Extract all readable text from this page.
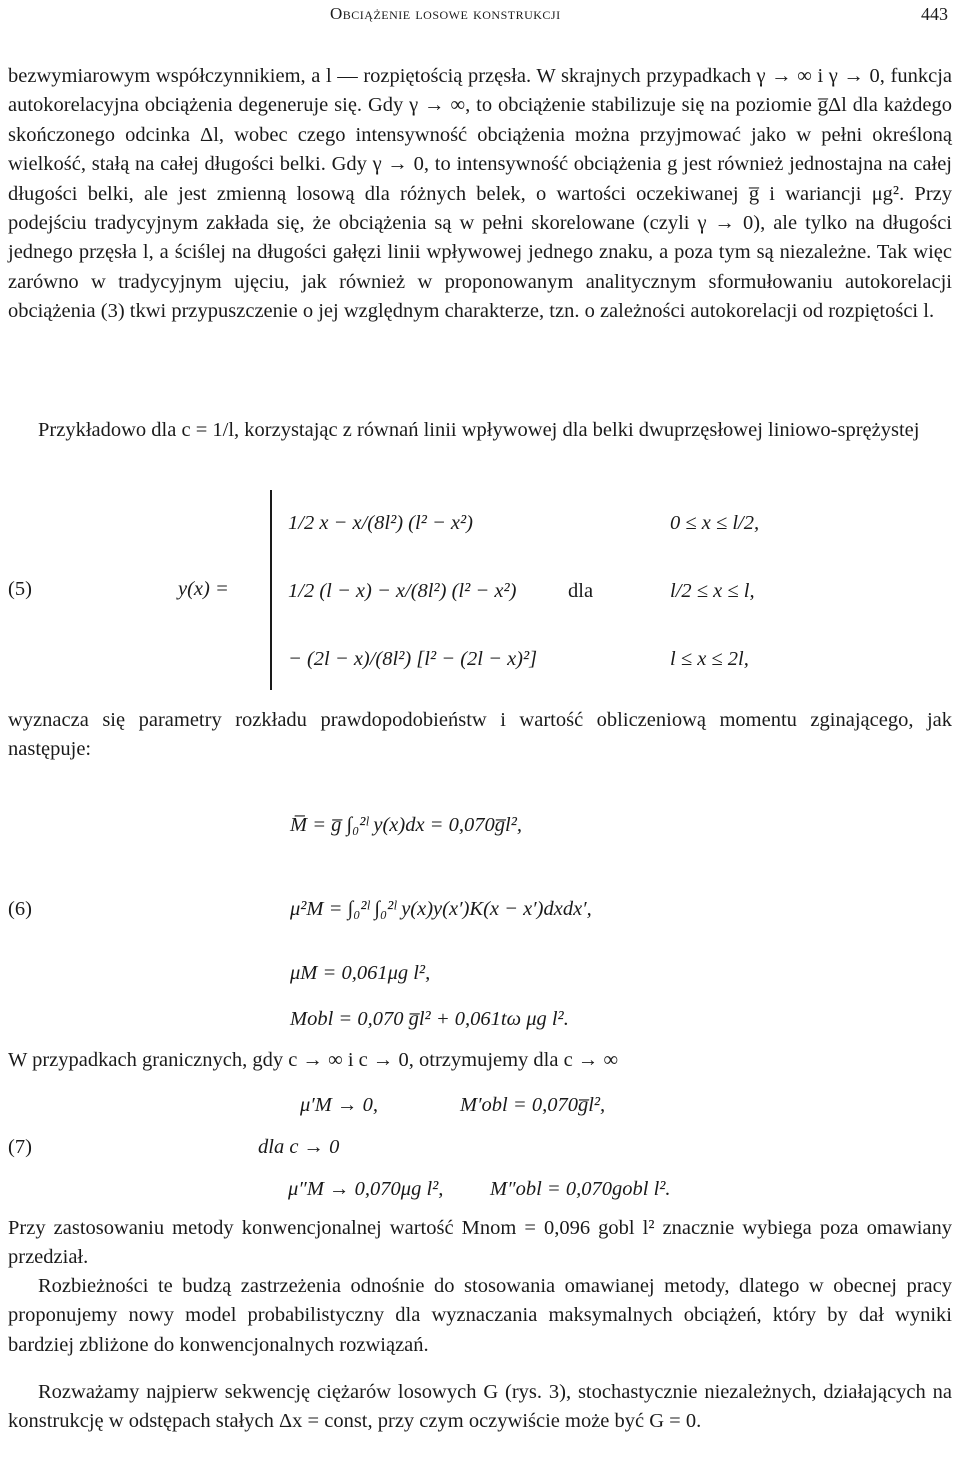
Obciążenie losowe konstrukcji	443

bezwymiarowym współczynnikiem, a l — rozpiętością przęsła. W skrajnych przypadkach γ → ∞ i γ → 0, funkcja autokorelacyjna obciążenia degeneruje się. Gdy γ → ∞, to obciążenie stabilizuje się na poziomie g̅Δl dla każdego skończonego odcinka Δl, wobec czego intensywność obciążenia można przyjmować jako w pełni określoną wielkość, stałą na całej długości belki. Gdy γ → 0, to intensywność obciążenia g jest również jednostajna na całej długości belki, ale jest zmienną losową dla różnych belek, o wartości oczekiwanej g̅ i wariancji μg². Przy podejściu tradycyjnym zakłada się, że obciążenia są w pełni skorelowane (czyli γ → 0), ale tylko na długości jednego przęsła l, a ściślej na długości gałęzi linii wpływowej jednego znaku, a poza tym są niezależne. Tak więc zarówno w tradycyjnym ujęciu, jak również w proponowanym analitycznym sformułowaniu autokorelacji obciążenia (3) tkwi przypuszczenie o jej względnym charakterze, tzn. o zależności autokorelacji od rozpiętości l.

Przykładowo dla c = 1/l, korzystając z równań linii wpływowej dla belki dwuprzęsłowej liniowo-sprężystej

(5)	y(x) =
1/2 x − x/(8l²) (l² − x²)	0 ≤ x ≤ l/2,
1/2 (l − x) − x/(8l²) (l² − x²)	dla	l/2 ≤ x ≤ l,
− (2l − x)/(8l²) [l² − (2l − x)²]	l ≤ x ≤ 2l,

wyznacza się parametry rozkładu prawdopodobieństw i wartość obliczeniową momentu zginającego, jak następuje:

M̅ = g̅ ∫₀²ˡ y(x)dx = 0,070g̅l²,
(6)	μ²M = ∫₀²ˡ ∫₀²ˡ y(x)y(x′)K(x − x′)dxdx′,
μM = 0,061μg l²,
Mobl = 0,070 g̅l² + 0,061tω μg l².

W przypadkach granicznych, gdy c → ∞ i c → 0, otrzymujemy dla c → ∞

μ′M → 0,	M′obl = 0,070g̅l²,
(7)	dla c → 0
μ″M → 0,070μg l², M″obl = 0,070gobl l².

Przy zastosowaniu metody konwencjonalnej wartość Mnom = 0,096 gobl l² znacznie wybiega poza omawiany przedział.

Rozbieżności te budzą zastrzeżenia odnośnie do stosowania omawianej metody, dlatego w obecnej pracy proponujemy nowy model probabilistyczny dla wyznaczania maksymalnych obciążeń, który by dał wyniki bardziej zbliżone do konwencjonalnych rozwiązań.

Rozważamy najpierw sekwencję ciężarów losowych G (rys. 3), stochastycznie niezależnych, działających na konstrukcję w odstępach stałych Δx = const, przy czym oczywiście może być G = 0.
